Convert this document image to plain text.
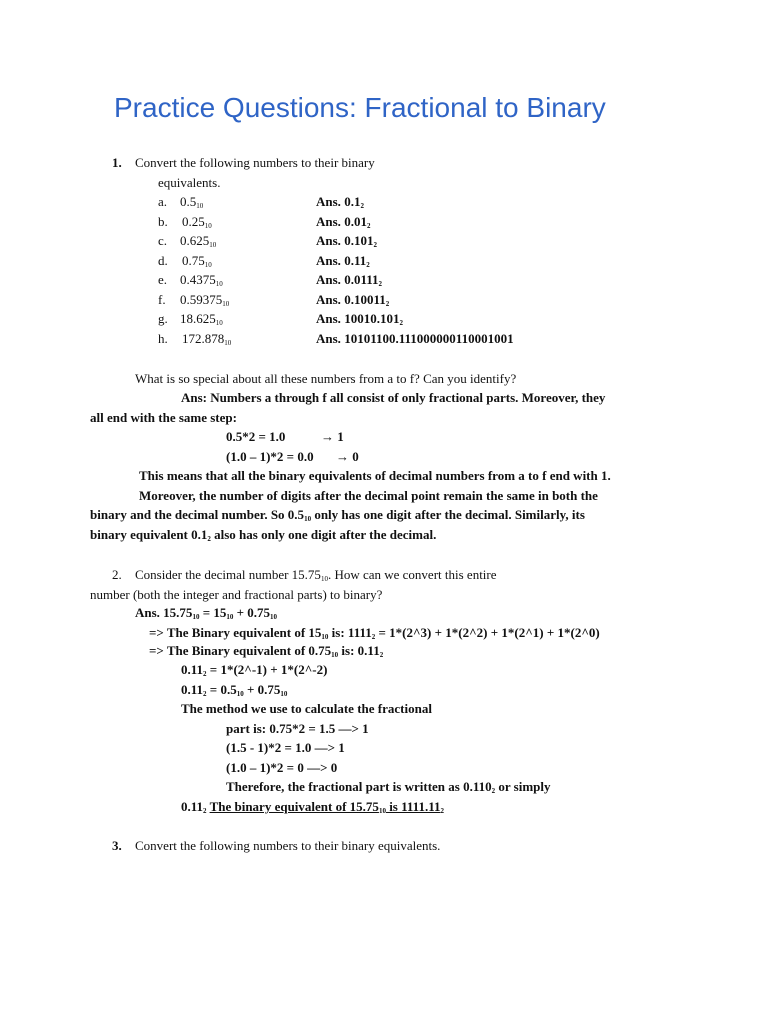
Practice Questions: Fractional to Binary
1. Convert the following numbers to their binary
equivalents.
a. $0.5_{10}$	Ans. $0.1_2$
b. $0.25_{10}$	Ans. $0.01_2$
c. $0.625_{10}$	Ans. $0.101_2$
d. $0.75_{10}$	Ans. $0.11_2$
e. $0.4375_{10}$	Ans. $0.0111_2$
f. $0.59375_{10}$	Ans. $0.10011_2$
g. $18.625_{10}$	Ans. $10010.101_2$
h. $172.878_{10}$	Ans. 10101100.111000000110001001
What is so special about all these numbers from a to f? Can you identify?
Ans: Numbers a through f all consist of only fractional parts. Moreover, they
all end with the same step:
0.5*2 = 1.0	→ 1
(1.0 – 1)*2 = 0.0 → 0
This means that all the binary equivalents of decimal numbers from a to f end with 1.
Moreover, the number of digits after the decimal point remain the same in both the
binary and the decimal number. So $0.5_{10}$ only has one digit after the decimal. Similarly, its
binary equivalent $0.1_2$ also has only one digit after the decimal.
2. Consider the decimal number $15.75_{10}$. How can we convert this entire
number (both the integer and fractional parts) to binary?
Ans. $15.75_{10} = 15_{10} + 0.75_{10}$
=> The Binary equivalent of $15_{10}$ is: $1111_2$ = 1*(2^3) + 1*(2^2) + 1*(2^1) + 1*(2^0)
=> The Binary equivalent of $0.75_{10}$ is: $0.11_2$
$0.11_2$ = 1*(2^-1) + 1*(2^-2)
$0.11_2 = 0.5_{10} + 0.75_{10}$
The method we use to calculate the fractional
part is: 0.75*2 = 1.5 —> 1
(1.5 - 1)*2 = 1.0 —> 1
(1.0 – 1)*2 = 0 —> 0
Therefore, the fractional part is written as $0.110_2$ or simply
$0.11_2$ The binary equivalent of $15.75_{10}$ is $1111.11_2$
3. Convert the following numbers to their binary equivalents.
